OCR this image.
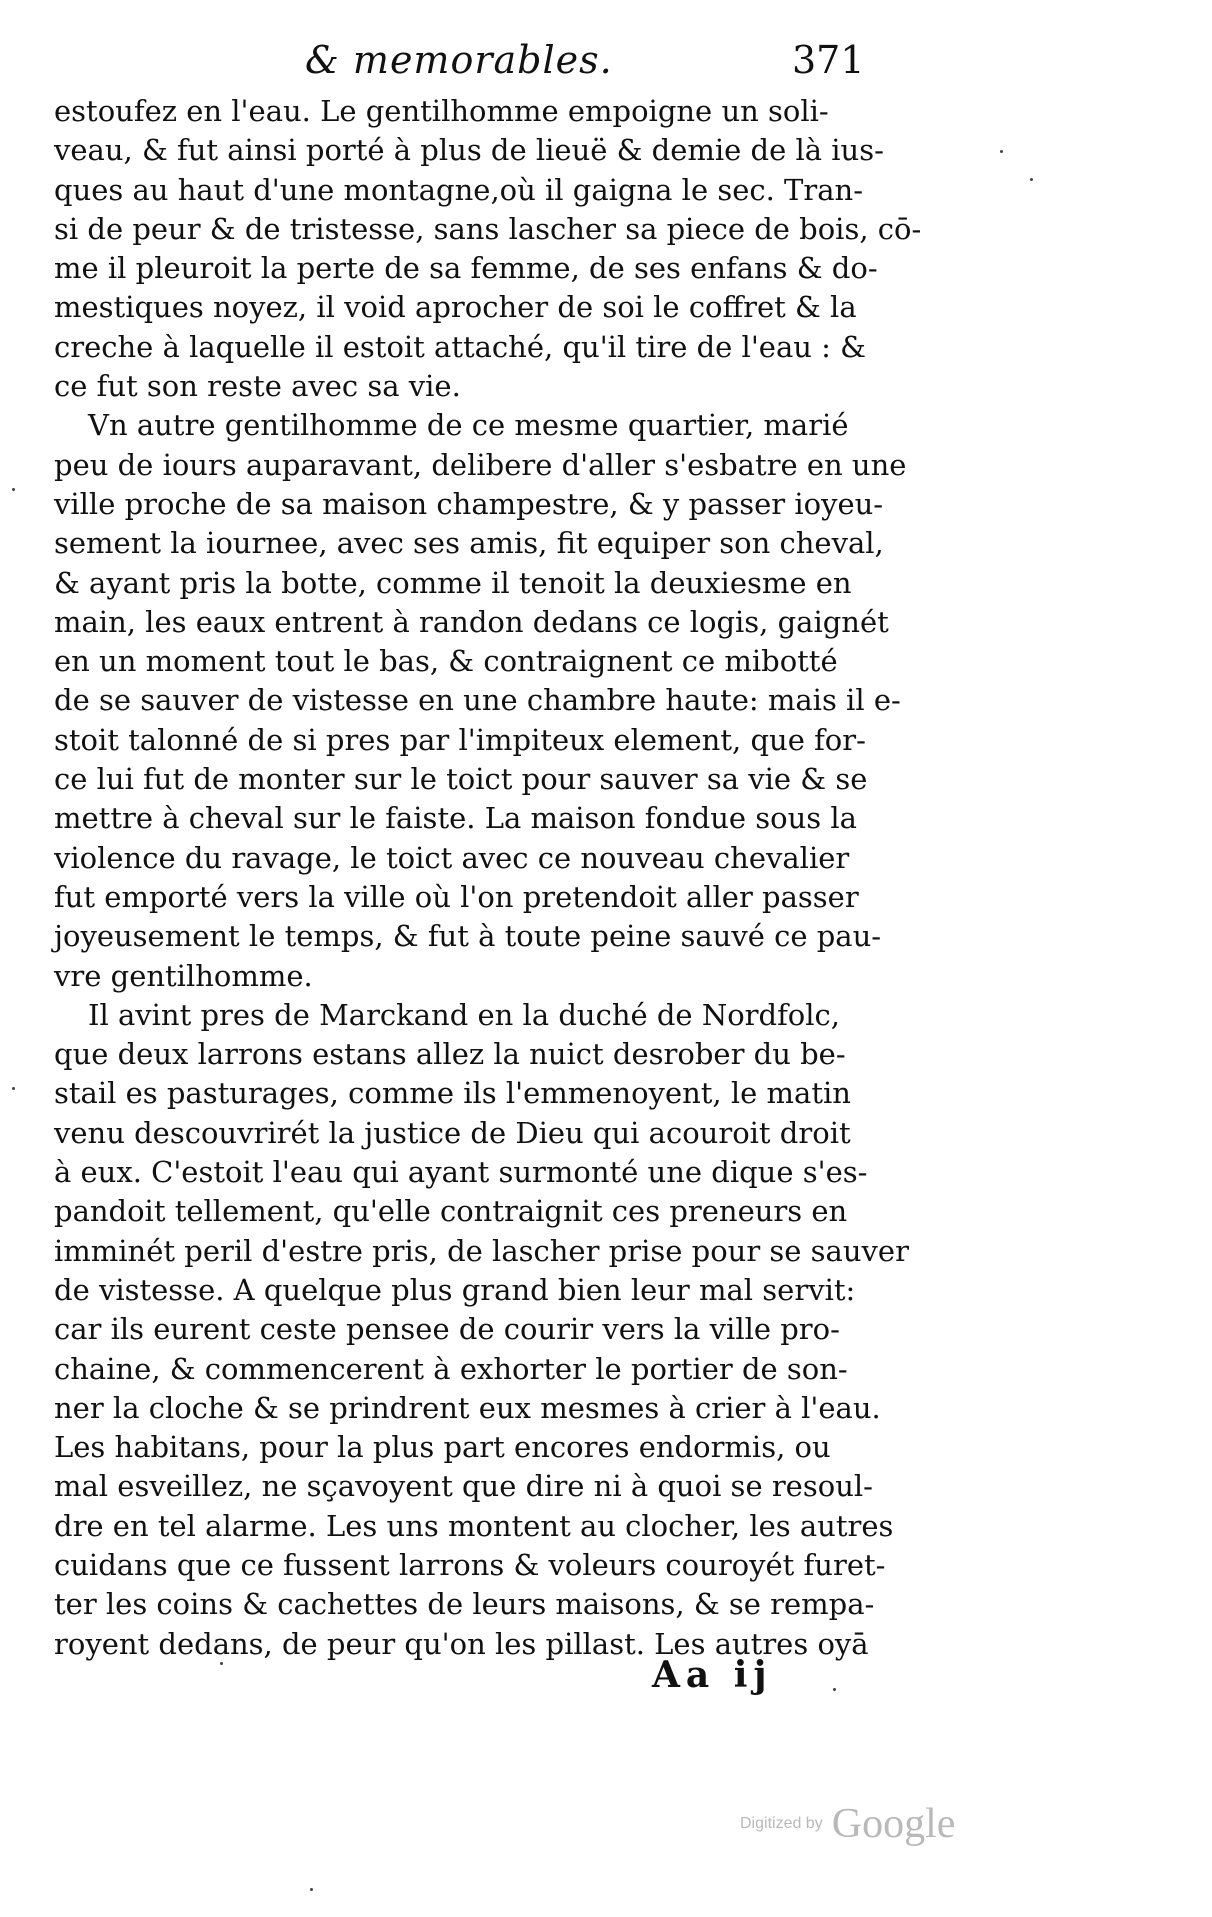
& memorables.	371
estoufez en l'eau. Le gentilhomme empoigne un soli-
veau, & fut ainsi porté à plus de lieuë & demie de là ius-
ques au haut d'une montagne,où il gaigna le sec. Tran-
si de peur & de tristesse, sans lascher sa piece de bois, cō-
me il pleuroit la perte de sa femme, de ses enfans & do-
mestiques noyez, il void aprocher de soi le coffret & la
creche à laquelle il estoit attaché, qu'il tire de l'eau : &
ce fut son reste avec sa vie.
Vn autre gentilhomme de ce mesme quartier, marié
peu de iours auparavant, delibere d'aller s'esbatre en une
ville proche de sa maison champestre, & y passer ioyeu-
sement la iournee, avec ses amis, fit equiper son cheval,
& ayant pris la botte, comme il tenoit la deuxiesme en
main, les eaux entrent à randon dedans ce logis, gaignét
en un moment tout le bas, & contraignent ce mibotté
de se sauver de vistesse en une chambre haute: mais il e-
stoit talonné de si pres par l'impiteux element, que for-
ce lui fut de monter sur le toict pour sauver sa vie & se
mettre à cheval sur le faiste. La maison fondue sous la
violence du ravage, le toict avec ce nouveau chevalier
fut emporté vers la ville où l'on pretendoit aller passer
joyeusement le temps, & fut à toute peine sauvé ce pau-
vre gentilhomme.
Il avint pres de Marckand en la duché de Nordfolc,
que deux larrons estans allez la nuict desrober du be-
stail es pasturages, comme ils l'emmenoyent, le matin
venu descouvrirét la justice de Dieu qui acouroit droit
à eux. C'estoit l'eau qui ayant surmonté une dique s'es-
pandoit tellement, qu'elle contraignit ces preneurs en
imminét peril d'estre pris, de lascher prise pour se sauver
de vistesse. A quelque plus grand bien leur mal servit:
car ils eurent ceste pensee de courir vers la ville pro-
chaine, & commencerent à exhorter le portier de son-
ner la cloche & se prindrent eux mesmes à crier à l'eau.
Les habitans, pour la plus part encores endormis, ou
mal esveillez, ne sçavoyent que dire ni à quoi se resoul-
dre en tel alarme. Les uns montent au clocher, les autres
cuidans que ce fussent larrons & voleurs couroyét furet-
ter les coins & cachettes de leurs maisons, & se rempa-
royent dedans, de peur qu'on les pillast. Les autres oyā
Aa ij
Digitized by Google
